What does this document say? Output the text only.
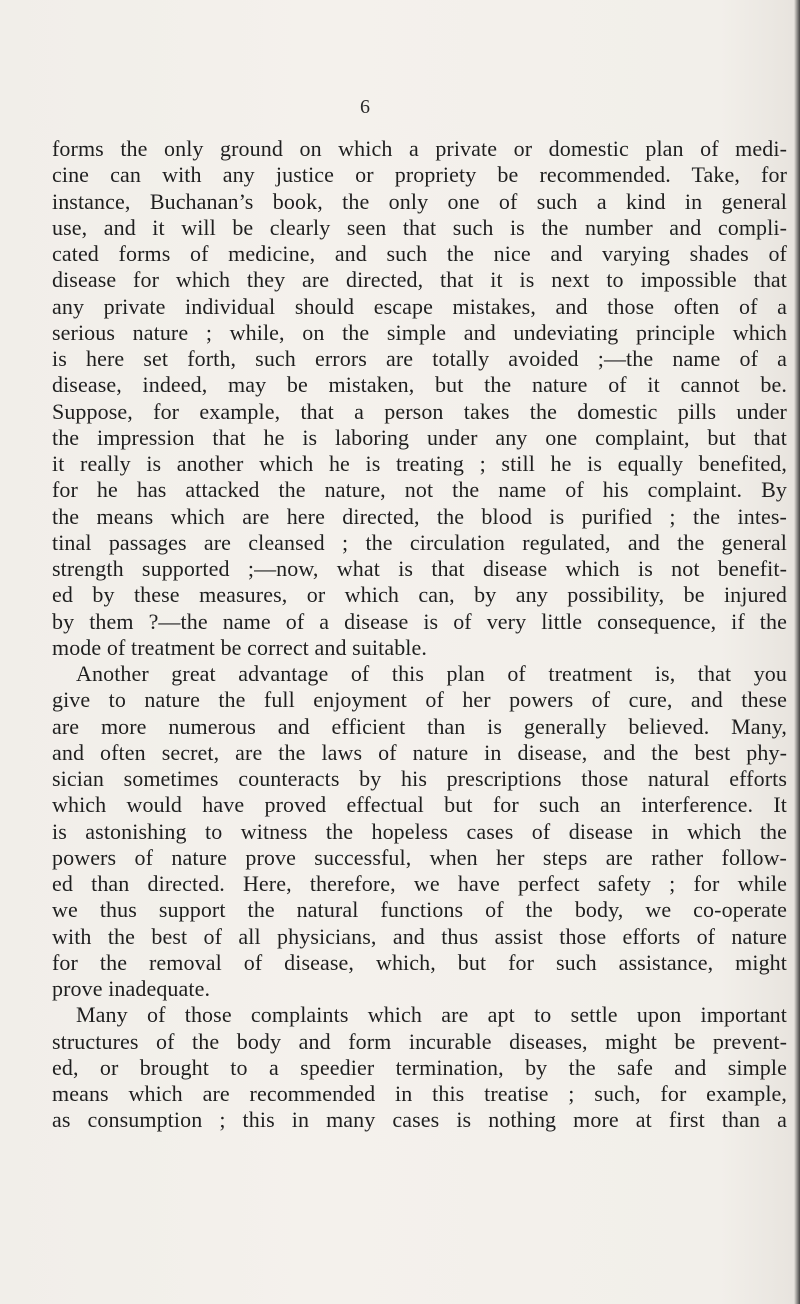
6
forms the only ground on which a private or domestic plan of medi-
cine can with any justice or propriety be recommended. Take, for
instance, Buchanan’s book, the only one of such a kind in general
use, and it will be clearly seen that such is the number and compli-
cated forms of medicine, and such the nice and varying shades of
disease for which they are directed, that it is next to impossible that
any private individual should escape mistakes, and those often of a
serious nature ; while, on the simple and undeviating principle which
is here set forth, such errors are totally avoided ;—the name of a
disease, indeed, may be mistaken, but the nature of it cannot be.
Suppose, for example, that a person takes the domestic pills under
the impression that he is laboring under any one complaint, but that
it really is another which he is treating ; still he is equally benefited,
for he has attacked the nature, not the name of his complaint. By
the means which are here directed, the blood is purified ; the intes-
tinal passages are cleansed ; the circulation regulated, and the general
strength supported ;—now, what is that disease which is not benefit-
ed by these measures, or which can, by any possibility, be injured
by them ?—the name of a disease is of very little consequence, if the
mode of treatment be correct and suitable.
Another great advantage of this plan of treatment is, that you
give to nature the full enjoyment of her powers of cure, and these
are more numerous and efficient than is generally believed. Many,
and often secret, are the laws of nature in disease, and the best phy-
sician sometimes counteracts by his prescriptions those natural efforts
which would have proved effectual but for such an interference. It
is astonishing to witness the hopeless cases of disease in which the
powers of nature prove successful, when her steps are rather follow-
ed than directed. Here, therefore, we have perfect safety ; for while
we thus support the natural functions of the body, we co-operate
with the best of all physicians, and thus assist those efforts of nature
for the removal of disease, which, but for such assistance, might
prove inadequate.
Many of those complaints which are apt to settle upon important
structures of the body and form incurable diseases, might be prevent-
ed, or brought to a speedier termination, by the safe and simple
means which are recommended in this treatise ; such, for example,
as consumption ; this in many cases is nothing more at first than a
